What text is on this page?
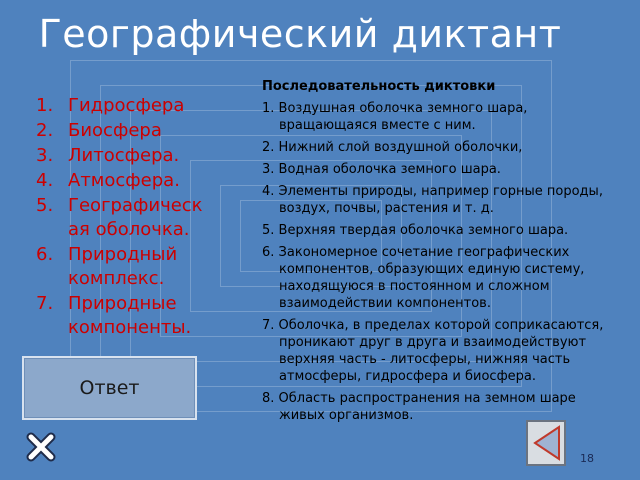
Географический диктант
1. Гидросфера
2. Биосфера
3. Литосфера.
4. Атмосфера.
5. Географическая оболочка.
6. Природный комплекс.
7. Природные компоненты.
Последовательность диктовки
1. Воздушная оболочка земного шара, вращающаяся вместе с ним.
2. Нижний слой воздушной оболочки,
3. Водная оболочка земного шара.
4. Элементы природы, например горные породы, воздух, почвы, растения и т. д.
5. Верхняя твердая оболочка земного шара.
6. Закономерное сочетание географических компонентов, образующих единую систему, находящуюся в постоянном и сложном взаимодействии компонентов.
7. Оболочка, в пределах которой соприкасаются, проникают друг в друга и взаимодействуют верхняя часть - литосферы, нижняя часть атмосферы, гидросфера и биосфера.
8. Область распространения на земном шаре живых организмов.
Ответ
18
